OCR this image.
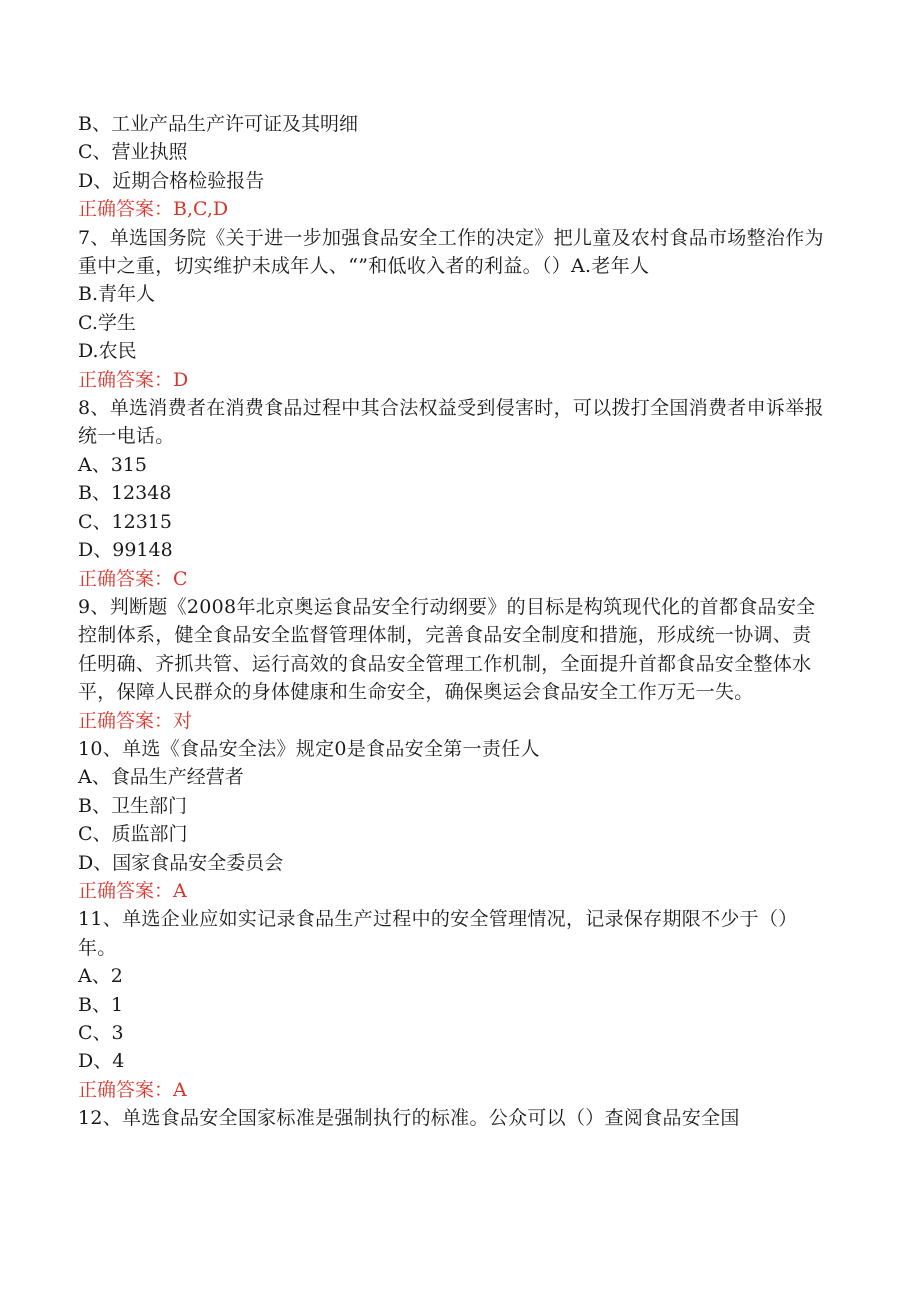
B、工业产品生产许可证及其明细

C、营业执照

D、近期合格检验报告

正确答案：B,C,D

7、单选国务院《关于进一步加强食品安全工作的决定》把儿童及农村食品市场整治作为重中之重，切实维护未成年人、“”和低收入者的利益。（）A.老年人

B.青年人

C.学生

D.农民

正确答案：D

8、单选消费者在消费食品过程中其合法权益受到侵害时，可以拨打全国消费者申诉举报统一电话。

A、315

B、12348

C、12315

D、99148

正确答案：C

9、判断题《2008年北京奥运食品安全行动纲要》的目标是构筑现代化的首都食品安全控制体系，健全食品安全监督管理体制，完善食品安全制度和措施，形成统一协调、责任明确、齐抓共管、运行高效的食品安全管理工作机制，全面提升首都食品安全整体水平，保障人民群众的身体健康和生命安全，确保奥运会食品安全工作万无一失。

正确答案：对

10、单选《食品安全法》规定0是食品安全第一责任人

A、食品生产经营者

B、卫生部门

C、质监部门

D、国家食品安全委员会

正确答案：A

11、单选企业应如实记录食品生产过程中的安全管理情况，记录保存期限不少于（）年。

A、2

B、1

C、3

D、4

正确答案：A

12、单选食品安全国家标准是强制执行的标准。公众可以（）查阅食品安全国
